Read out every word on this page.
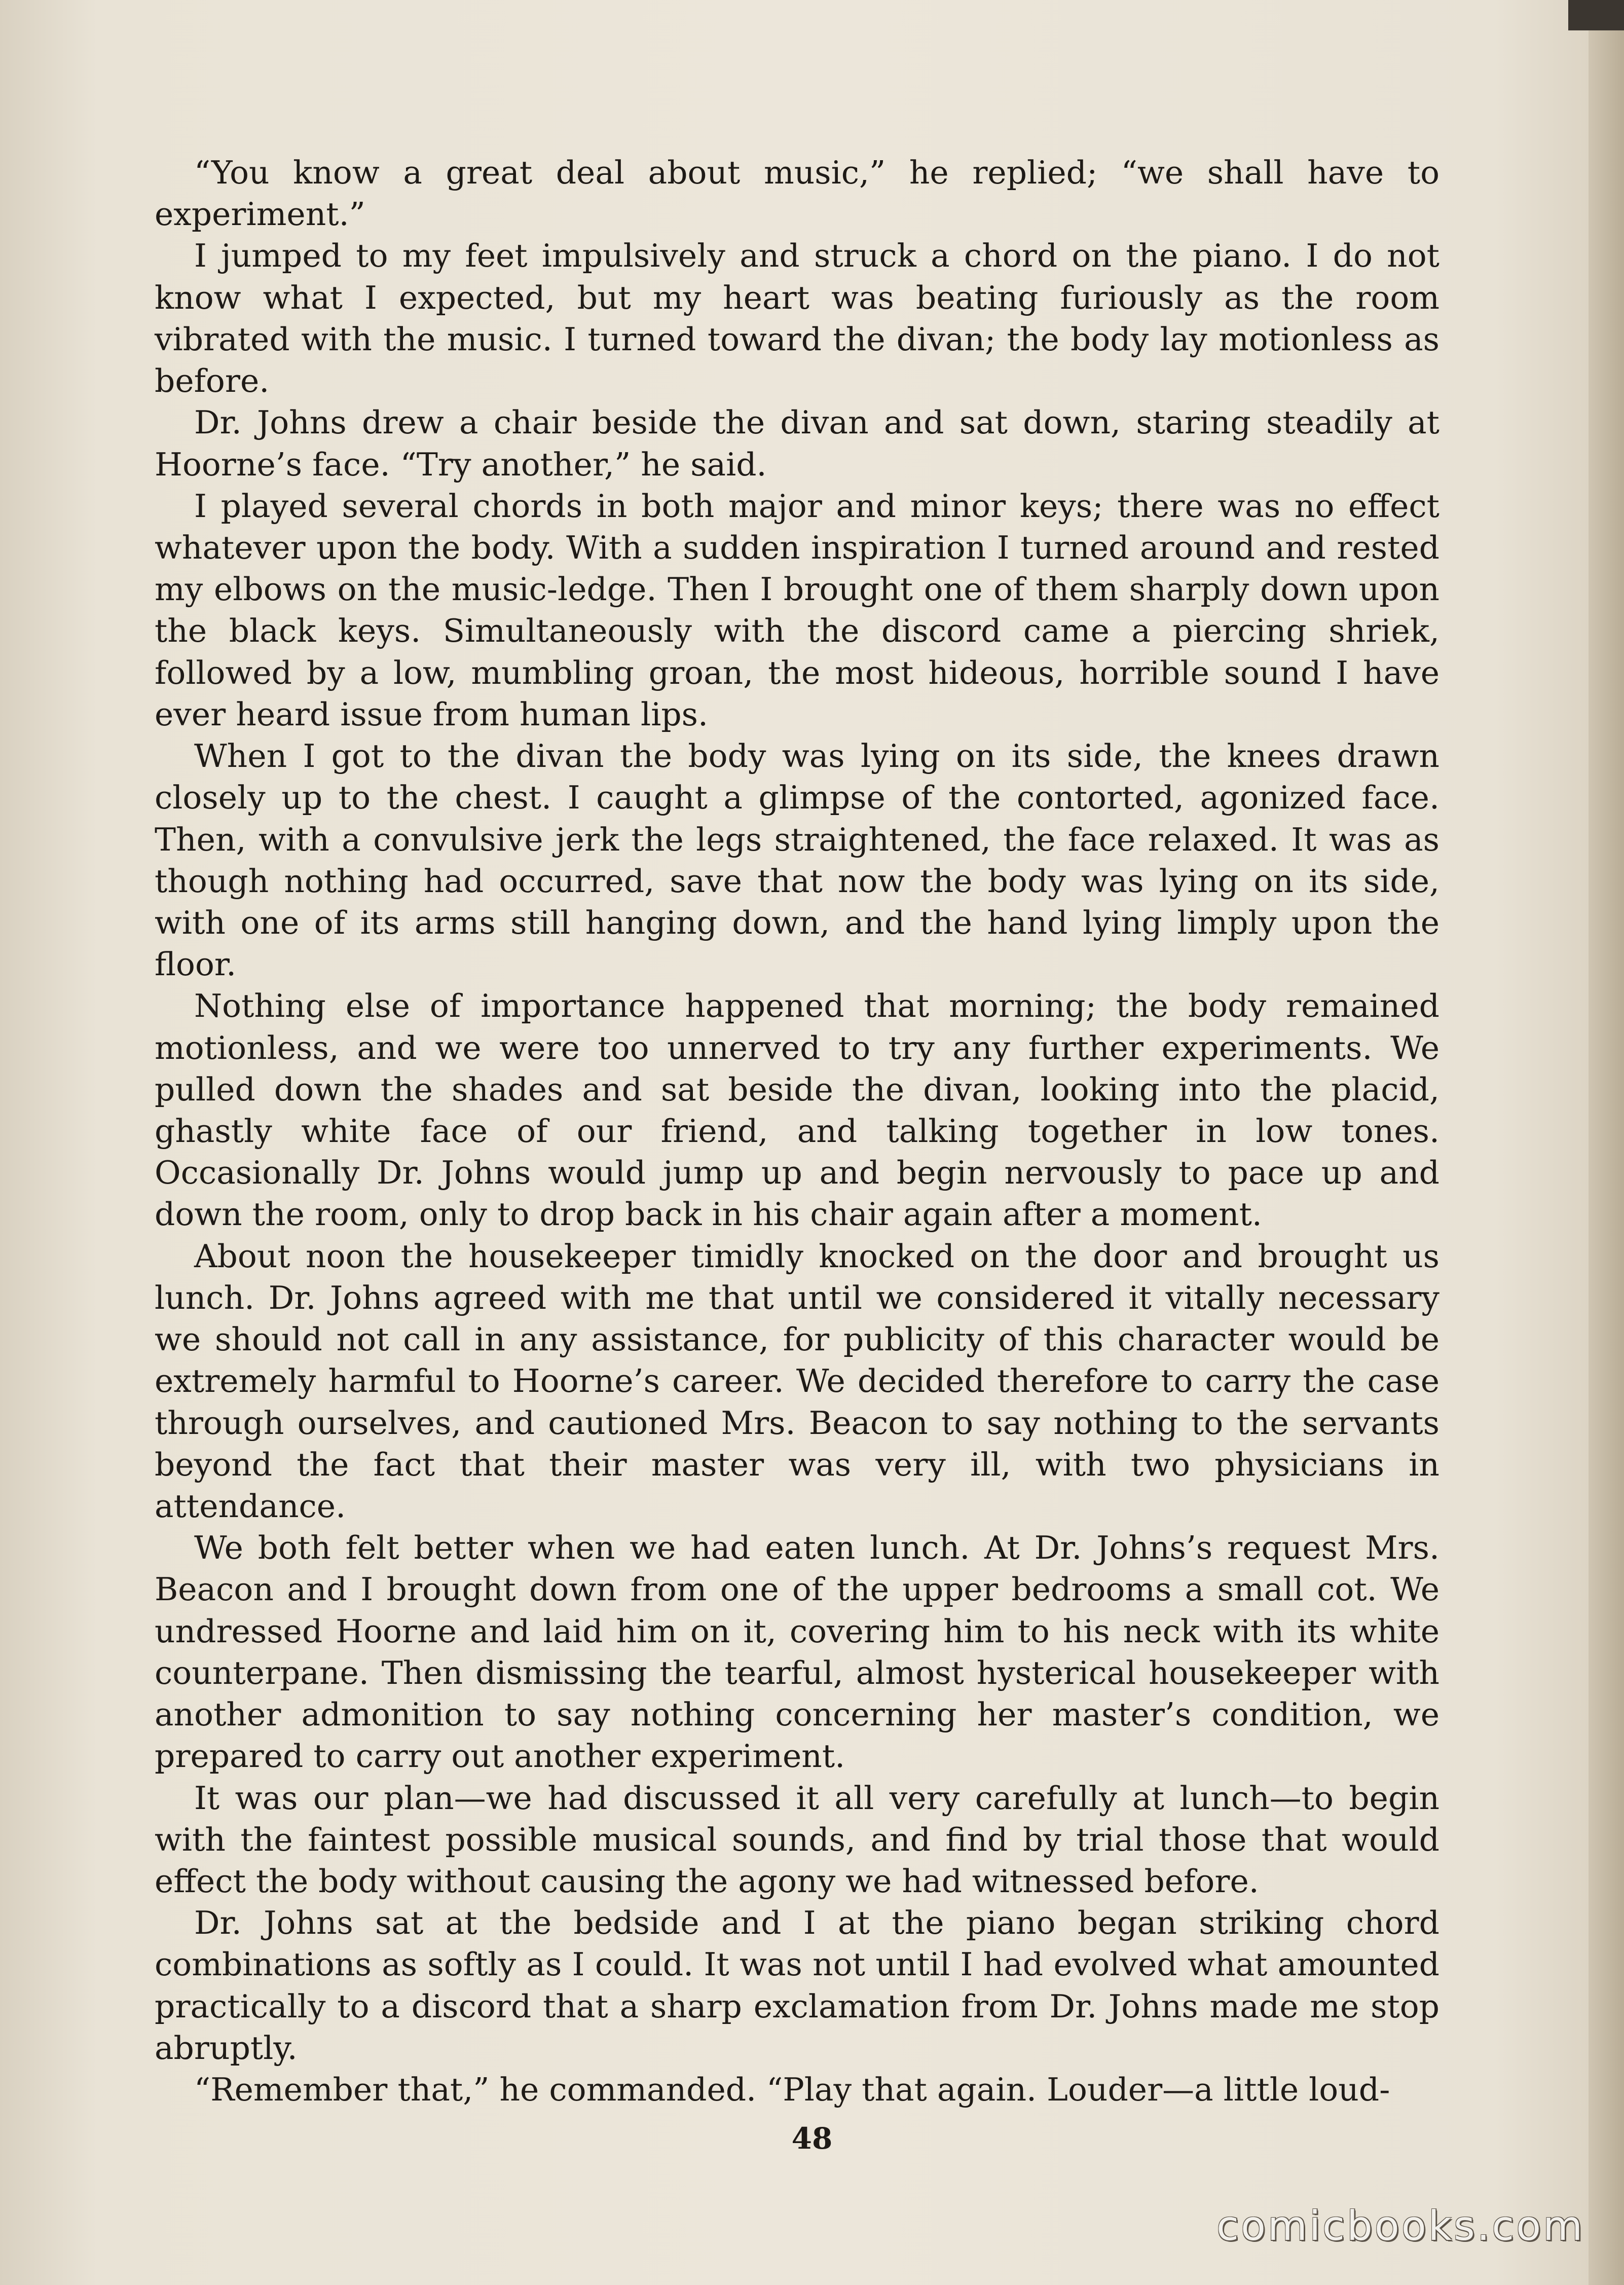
“You know a great deal about music,” he replied; “we shall have to experiment.”

I jumped to my feet impulsively and struck a chord on the piano. I do not know what I expected, but my heart was beating furiously as the room vibrated with the music. I turned toward the divan; the body lay motionless as before.

Dr. Johns drew a chair beside the divan and sat down, staring steadily at Hoorne’s face. “Try another,” he said.

I played several chords in both major and minor keys; there was no effect whatever upon the body. With a sudden inspiration I turned around and rested my elbows on the music-ledge. Then I brought one of them sharply down upon the black keys. Simultaneously with the discord came a piercing shriek, followed by a low, mumbling groan, the most hideous, horrible sound I have ever heard issue from human lips.

When I got to the divan the body was lying on its side, the knees drawn closely up to the chest. I caught a glimpse of the contorted, agonized face. Then, with a convulsive jerk the legs straightened, the face relaxed. It was as though nothing had occurred, save that now the body was lying on its side, with one of its arms still hanging down, and the hand lying limply upon the floor.

Nothing else of importance happened that morning; the body remained motionless, and we were too unnerved to try any further experiments. We pulled down the shades and sat beside the divan, looking into the placid, ghastly white face of our friend, and talking together in low tones. Occasionally Dr. Johns would jump up and begin nervously to pace up and down the room, only to drop back in his chair again after a moment.

About noon the housekeeper timidly knocked on the door and brought us lunch. Dr. Johns agreed with me that until we considered it vitally necessary we should not call in any assistance, for publicity of this character would be extremely harmful to Hoorne’s career. We decided therefore to carry the case through ourselves, and cautioned Mrs. Beacon to say nothing to the servants beyond the fact that their master was very ill, with two physicians in attendance.

We both felt better when we had eaten lunch. At Dr. Johns’s request Mrs. Beacon and I brought down from one of the upper bedrooms a small cot. We undressed Hoorne and laid him on it, covering him to his neck with its white counterpane. Then dismissing the tearful, almost hysterical housekeeper with another admonition to say nothing concerning her master’s condition, we prepared to carry out another experiment.

It was our plan—we had discussed it all very carefully at lunch—to begin with the faintest possible musical sounds, and find by trial those that would effect the body without causing the agony we had witnessed before.

Dr. Johns sat at the bedside and I at the piano began striking chord combinations as softly as I could. It was not until I had evolved what amounted practically to a discord that a sharp exclamation from Dr. Johns made me stop abruptly.

“Remember that,” he commanded. “Play that again. Louder—a little loud-

48
comicbooks.com
